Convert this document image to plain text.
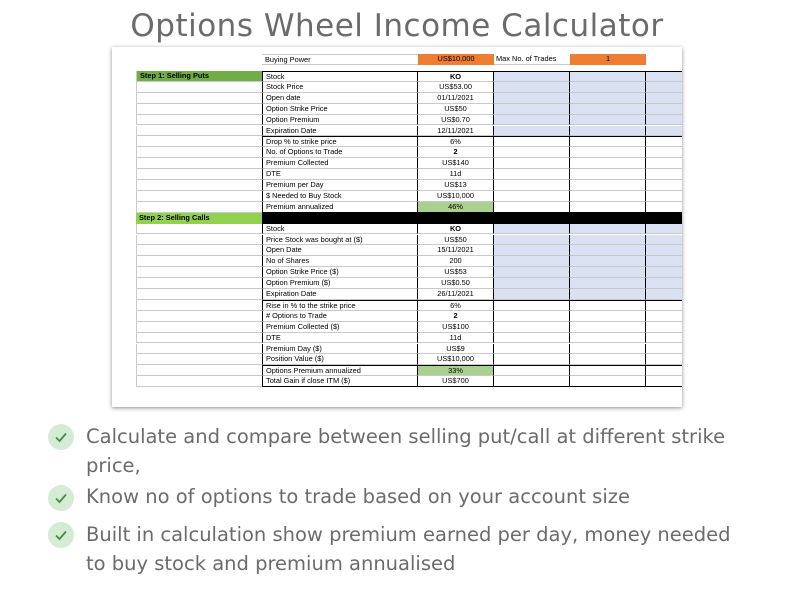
Options Wheel Income Calculator
Buying Power	US$10,000	Max No. of Trades	1
Step 1: Selling Puts	Stock	KO
Stock Price	US$53.00
Open date	01/11/2021
Option Strike Price	US$50
Option Premium	US$0.70
Expiration Date	12/11/2021
Drop % to strike price	6%
No. of Options to Trade	2
Premium Collected	US$140
DTE	11d
Premium per Day	US$13
$ Needed to Buy Stock	US$10,000
Premium annualized	46%
Step 2: Selling Calls
Stock	KO
Price Stock was bought at ($)	US$50
Open Date	15/11/2021
No of Shares	200
Option Strike Price ($)	US$53
Option Premium ($)	US$0.50
Expiration Date	26/11/2021
Rise in % to the strike price	6%
# Options to Trade	2
Premium Collected ($)	US$100
DTE	11d
Premium Day ($)	US$9
Position Value ($)	US$10,000
Options Premium annualized	33%
Total Gain if close ITM ($)	US$700
Calculate and compare between selling put/call at different strike price,
Know no of options to trade based on your account size
Built in calculation show premium earned per day, money needed to buy stock and premium annualised
